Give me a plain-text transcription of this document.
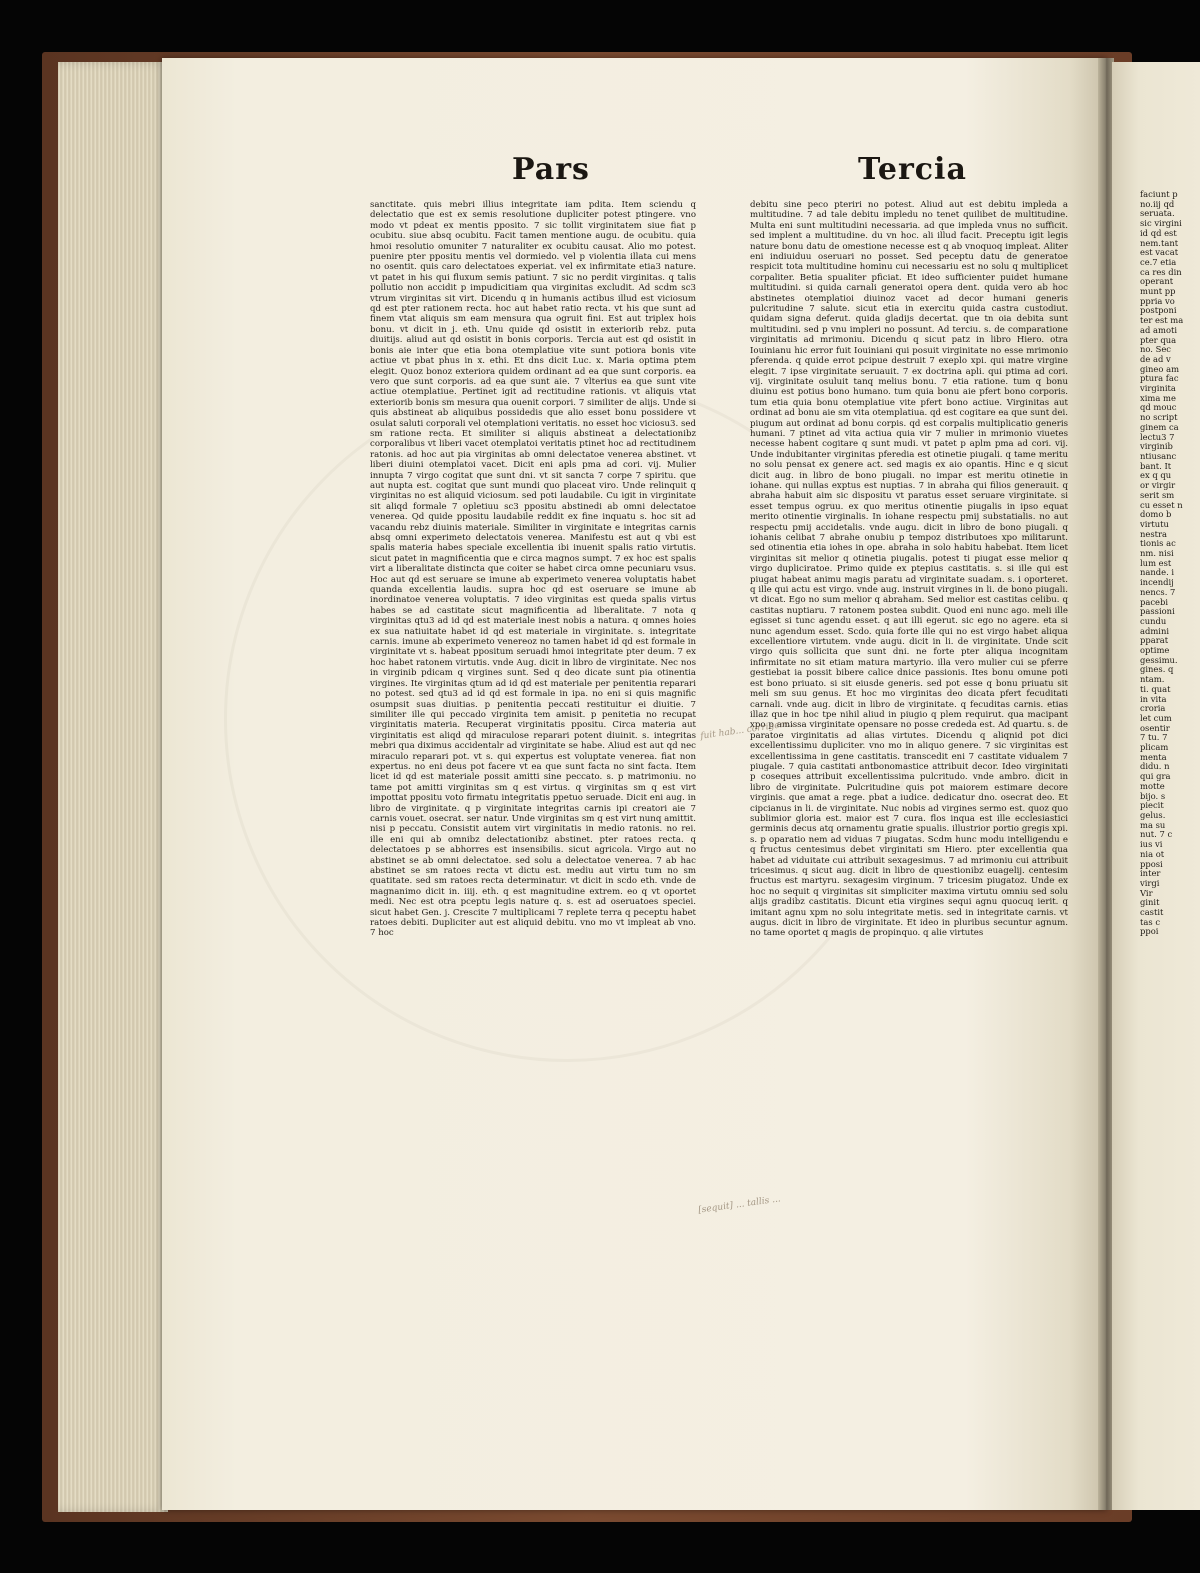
Pars	Tercia

sanctitate. quis mebri illius integritate iam pdita. Item sciendu q delectatio que est ex semis resolutione dupliciter potest ptingere. vno modo vt pdeat ex mentis pposito. 7 sic tollit virginitatem siue fiat p ocubitu. siue absq ocubitu. Facit tamen mentione augu. de ocubitu. quia hmoi resolutio omuniter 7 naturaliter ex ocubitu causat. Alio mo potest. puenire pter ppositu mentis vel dormiedo. vel p violentia illata cui mens no osentit. quis caro delectatoes experiat. vel ex infirmitate etia3 nature. vt patet in his qui fluxum semis patiunt. 7 sic no perdit virginitas. q talis pollutio non accidit p impudicitiam qua virginitas excludit. Ad scdm sc3 vtrum virginitas sit virt. Dicendu q in humanis actibus illud est viciosum qd est pter rationem recta. hoc aut habet ratio recta. vt his que sunt ad finem vtat aliquis sm eam mensura qua ogruit fini. Est aut triplex hois bonu. vt dicit in j. eth. Unu quide qd osistit in exteriorib rebz. puta diuitijs. aliud aut qd osistit in bonis corporis. Tercia aut est qd osistit in bonis aie inter que etia bona otemplatiue vite sunt potiora bonis vite actiue vt pbat phus in x. ethi. Et dns dicit Luc. x. Maria optima ptem elegit. Quoz bonoz exteriora quidem ordinant ad ea que sunt corporis. ea vero que sunt corporis. ad ea que sunt aie. 7 vlterius ea que sunt vite actiue otemplatiue. Pertinet igit ad rectitudine rationis. vt aliquis vtat exteriorib bonis sm mesura qua ouenit corpori. 7 similiter de alijs. Unde si quis abstineat ab aliquibus possidedis que alio esset bonu possidere vt osulat saluti corporali vel otemplationi veritatis. no esset hoc viciosu3. sed sm ratione recta. Et similiter si aliquis abstineat a delectationibz corporalibus vt liberi vacet otemplatoi veritatis ptinet hoc ad rectitudinem ratonis. ad hoc aut pia virginitas ab omni delectatoe venerea abstinet. vt liberi diuini otemplatoi vacet. Dicit eni apls pma ad cori. vij. Mulier innupta 7 virgo cogitat que sunt dni. vt sit sancta 7 corpe 7 spiritu. que aut nupta est. cogitat que sunt mundi quo placeat viro. Unde relinquit q virginitas no est aliquid viciosum. sed poti laudabile. Cu igit in virginitate sit aliqd formale 7 opletiuu sc3 ppositu abstinedi ab omni delectatoe venerea. Qd quide ppositu laudabile reddit ex fine inquatu s. hoc sit ad vacandu rebz diuinis materiale. Similiter in virginitate e integritas carnis absq omni experimeto delectatois venerea. Manifestu est aut q vbi est spalis materia habes speciale excellentia ibi inuenit spalis ratio virtutis. sicut patet in magnificentia que e circa magnos sumpt. 7 ex hoc est spalis virt a liberalitate distincta que coiter se habet circa omne pecuniaru vsus. Hoc aut qd est seruare se imune ab experimeto venerea voluptatis habet quanda excellentia laudis. supra hoc qd est oseruare se imune ab inordinatoe venerea voluptatis. 7 ideo virginitas est queda spalis virtus habes se ad castitate sicut magnificentia ad liberalitate. 7 nota q virginitas qtu3 ad id qd est materiale inest nobis a natura. q omnes hoies ex sua natiuitate habet id qd est materiale in virginitate. s. integritate carnis. imune ab experimeto venereoz no tamen habet id qd est formale in virginitate vt s. habeat ppositum seruadi hmoi integritate pter deum. 7 ex hoc habet ratonem virtutis. vnde Aug. dicit in libro de virginitate. Nec nos in virginib pdicam q virgines sunt. Sed q deo dicate sunt pia otinentia virgines. Ite virginitas qtum ad id qd est materiale per penitentia reparari no potest. sed qtu3 ad id qd est formale in ipa. no eni si quis magnific osumpsit suas diuitias. p penitentia peccati restituitur ei diuitie. 7 similiter ille qui peccado virginita tem amisit. p penitetia no recupat virginitatis materia. Recuperat virginitatis ppositu. Circa materia aut virginitatis est aliqd qd miraculose reparari potent diuinit. s. integritas mebri qua diximus accidentalr ad virginitate se habe. Aliud est aut qd nec miraculo reparari pot. vt s. qui expertus est voluptate venerea. fiat non expertus. no eni deus pot facere vt ea que sunt facta no sint facta. Item licet id qd est materiale possit amitti sine peccato. s. p matrimoniu. no tame pot amitti virginitas sm q est virtus. q virginitas sm q est virt impottat ppositu voto firmatu integritatis ppetuo seruade. Dicit eni aug. in libro de virginitate. q p virginitate integritas carnis ipi creatori aie 7 carnis vouet. osecrat. ser natur. Unde virginitas sm q est virt nunq amittit. nisi p peccatu. Consistit autem virt virginitatis in medio ratonis. no rei. ille eni qui ab omnibz delectationibz abstinet. pter ratoes recta. q delectatoes p se abhorres est insensibilis. sicut agricola. Virgo aut no abstinet se ab omni delectatoe. sed solu a delectatoe venerea. 7 ab hac abstinet se sm ratoes recta vt dictu est. mediu aut virtu tum no sm quatitate. sed sm ratoes recta determinatur. vt dicit in scdo eth. vnde de magnanimo dicit in. iiij. eth. q est magnitudine extrem. eo q vt oportet medi. Nec est otra pceptu legis nature q. s. est ad oseruatoes speciei. sicut habet Gen. j. Crescite 7 multiplicami 7 replete terra q peceptu habet ratoes debiti. Dupliciter aut est aliquid debitu. vno mo vt impleat ab vno. 7 hoc

debitu sine peco pteriri no potest. Aliud aut est debitu impleda a multitudine. 7 ad tale debitu impledu no tenet quilibet de multitudine. Multa eni sunt multitudini necessaria. ad que impleda vnus no sufficit. sed implent a multitudine. du vn hoc. ali illud facit. Preceptu igit legis nature bonu datu de omestione necesse est q ab vnoquoq impleat. Aliter eni indiuiduu oseruari no posset. Sed peceptu datu de generatoe respicit tota multitudine hominu cui necessariu est no solu q multiplicet corpaliter. Betia spualiter pficiat. Et ideo sufficienter puidet humane multitudini. si quida carnali generatoi opera dent. quida vero ab hoc abstinetes otemplatioi diuinoz vacet ad decor humani generis pulcritudine 7 salute. sicut etia in exercitu quida castra custodiut. quidam signa deferut. quida gladijs decertat. que tn oia debita sunt multitudini. sed p vnu impleri no possunt. Ad terciu. s. de comparatione virginitatis ad mrimoniu. Dicendu q sicut patz in libro Hiero. otra Iouinianu hic error fuit Iouiniani qui posuit virginitate no esse mrimonio pferenda. q quide errot pcipue destruit 7 exeplo xpi. qui matre virgine elegit. 7 ipse virginitate seruauit. 7 ex doctrina apli. qui ptima ad cori. vij. virginitate osuluit tanq melius bonu. 7 etia ratione. tum q bonu diuinu est potius bono humano. tum quia bonu aie pfert bono corporis. tum etia quia bonu otemplatiue vite pfert bono actiue. Virginitas aut ordinat ad bonu aie sm vita otemplatiua. qd est cogitare ea que sunt dei. piugum aut ordinat ad bonu corpis. qd est corpalis multiplicatio generis humani. 7 ptinet ad vita actiua quia vir 7 mulier in mrimonio viuetes necesse habent cogitare q sunt mudi. vt patet p aplm pma ad cori. vij. Unde indubitanter virginitas pferedia est otinetie piugali. q tame meritu no solu pensat ex genere act. sed magis ex aio opantis. Hinc e q sicut dicit aug. in libro de bono piugali. no impar est meritu otinetie in iohane. qui nullas exptus est nuptias. 7 in abraha qui filios generauit. q abraha habuit aim sic dispositu vt paratus esset seruare virginitate. si esset tempus ogruu. ex quo meritus otinentie piugalis in ipso equat merito otinentie virginalis. In iohane respectu pmij substatialis. no aut respectu pmij accidetalis. vnde augu. dicit in libro de bono piugali. q iohanis celibat 7 abrahe onubiu p tempoz distributoes xpo militarunt. sed otinentia etia iohes in ope. abraha in solo habitu habebat. Item licet virginitas sit melior q otinetia piugalis. potest ti piugat esse melior q virgo dupliciratoe. Primo quide ex ptepius castitatis. s. si ille qui est piugat habeat animu magis paratu ad virginitate suadam. s. i oporteret. q ille qui actu est virgo. vnde aug. instruit virgines in li. de bono piugali. vt dicat. Ego no sum melior q abraham. Sed melior est castitas celibu. q castitas nuptiaru. 7 ratonem postea subdit. Quod eni nunc ago. meli ille egisset si tunc agendu esset. q aut illi egerut. sic ego no agere. eta si nunc agendum esset. Scdo. quia forte ille qui no est virgo habet aliqua excellentiore virtutem. vnde augu. dicit in li. de virginitate. Unde scit virgo quis sollicita que sunt dni. ne forte pter aliqua incognitam infirmitate no sit etiam matura martyrio. illa vero mulier cui se pferre gestiebat ia possit bibere calice dnice passionis. Ites bonu omune poti est bono priuato. si sit eiusde generis. sed pot esse q bonu priuatu sit meli sm suu genus. Et hoc mo virginitas deo dicata pfert fecuditati carnali. vnde aug. dicit in libro de virginitate. q fecuditas carnis. etias illaz que in hoc tpe nihil aliud in piugio q plem requirut. qua macipant xpo p amissa virginitate opensare no posse crededa est. Ad quartu. s. de paratoe virginitatis ad alias virtutes. Dicendu q aliqnid pot dici excellentissimu dupliciter. vno mo in aliquo genere. 7 sic virginitas est excellentissima in gene castitatis. transcedit eni 7 castitate vidualem 7 piugale. 7 quia castitati antbonomastice attribuit decor. Ideo virginitati p coseques attribuit excellentissima pulcritudo. vnde ambro. dicit in libro de virginitate. Pulcritudine quis pot maiorem estimare decore virginis. que amat a rege. pbat a iudice. dedicatur dno. osecrat deo. Et cipcianus in li. de virginitate. Nuc nobis ad virgines sermo est. quoz quo sublimior gloria est. maior est 7 cura. flos inqua est ille ecclesiastici germinis decus atq ornamentu gratie spualis. illustrior portio gregis xpi. s. p oparatio nem ad viduas 7 piugatas. Scdm hunc modu intelligendu e q fructus centesimus debet virginitati sm Hiero. pter excellentia qua habet ad viduitate cui attribuit sexagesimus. 7 ad mrimoniu cui attribuit tricesimus. q sicut aug. dicit in libro de questionibz euagelij. centesim fructus est martyru. sexagesim virginum. 7 tricesim piugatoz. Unde ex hoc no sequit q virginitas sit simpliciter maxima virtutu omniu sed solu alijs gradibz castitatis. Dicunt etia virgines sequi agnu quocuq ierit. q imitant agnu xpm no solu integritate metis. sed in integritate carnis. vt augus. dicit in libro de virginitate. Et ideo in pluribus secuntur agnum. no tame oportet q magis de propinquo. q alie virtutes

faciunt p
no.iij qd
seruata.
sic virgini
id qd est
nem.tant
est vacat
ce.7 etia
ca res din
operant
munt pp
ppria vo
postponi
ter est ma
ad amoti
pter qua
no. Sec
de ad v
gineo am
ptura fac
virginita
xima me
qd mouc
no script
ginem ca
lectu3 7
virginib
ntiusanc
bant. It
ex q qu
or virgir
serit sm
cu esset n
domo b
virtutu
nestra
tionis ac
nm. nisi
lum est
nande. i
incendij
nencs. 7
pacebi
passioni
cundu
admini
pparat
optime
gessimu.
gines. q
ntam.
ti. quat
in vita
croria
let cum
osentir
7 tu. 7
plicam
menta
didu. n
qui gra
motte
bijo. s
piecit
gelus.
ma su
nut. 7 c
ius vi
nia ot
pposi
inter
virgi
Vir
ginit
castit
tas c
ppoi
fuit hab... corrigem...
[sequit] ... tallis ...
